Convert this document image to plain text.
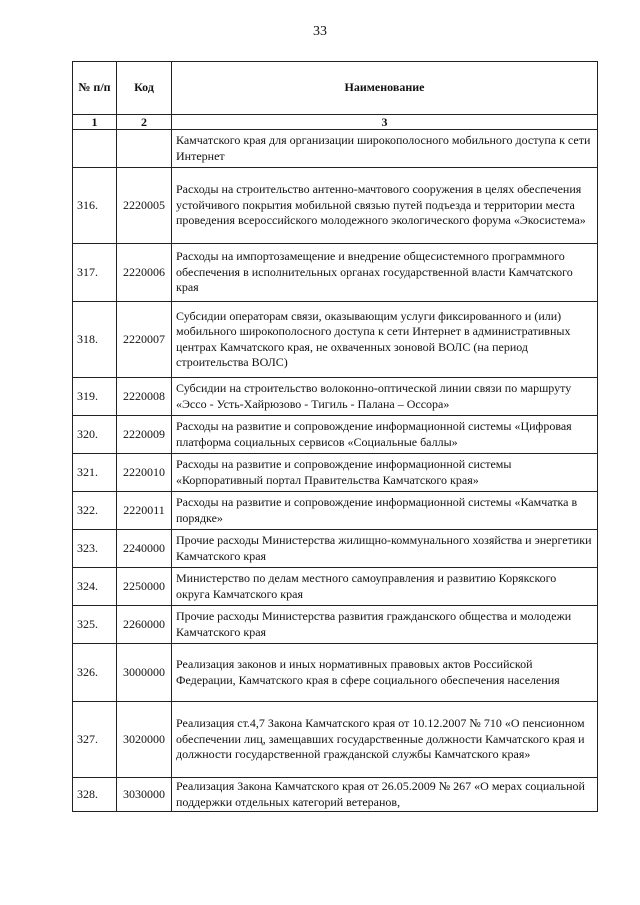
33
№ п/п	Код	Наименование
1	2	3
		Камчатского края для организации широкополосного мобильного доступа к сети Интернет
316.	2220005	Расходы на строительство антенно-мачтового сооружения в целях обеспечения устойчивого покрытия мобильной связью путей подъезда и территории места проведения всероссийского молодежного экологического форума «Экосистема»
317.	2220006	Расходы на импортозамещение и внедрение общесистемного программного обеспечения в исполнительных органах государственной власти Камчатского края
318.	2220007	Субсидии операторам связи, оказывающим услуги фиксированного и (или) мобильного широкополосного доступа к сети Интернет в административных центрах Камчатского края, не охваченных зоновой ВОЛС (на период строительства ВОЛС)
319.	2220008	Субсидии на строительство волоконно-оптической линии связи по маршруту «Эссо - Усть-Хайрюзово - Тигиль - Палана – Оссора»
320.	2220009	Расходы на развитие и сопровождение информационной системы «Цифровая платформа социальных сервисов «Социальные баллы»
321.	2220010	Расходы на развитие и сопровождение информационной системы «Корпоративный портал Правительства Камчатского края»
322.	2220011	Расходы на развитие и сопровождение информационной системы «Камчатка в порядке»
323.	2240000	Прочие расходы Министерства жилищно-коммунального хозяйства и энергетики Камчатского края
324.	2250000	Министерство по делам местного самоуправления и развитию Корякского округа Камчатского края
325.	2260000	Прочие расходы Министерства развития гражданского общества и молодежи Камчатского края
326.	3000000	Реализация законов и иных нормативных правовых актов Российской Федерации, Камчатского края в сфере социального обеспечения населения
327.	3020000	Реализация ст.4,7 Закона Камчатского края от 10.12.2007 № 710 «О пенсионном обеспечении лиц, замещавших государственные должности Камчатского края и должности государственной гражданской службы Камчатского края»
328.	3030000	Реализация Закона Камчатского края от 26.05.2009 № 267 «О мерах социальной поддержки отдельных категорий ветеранов,
